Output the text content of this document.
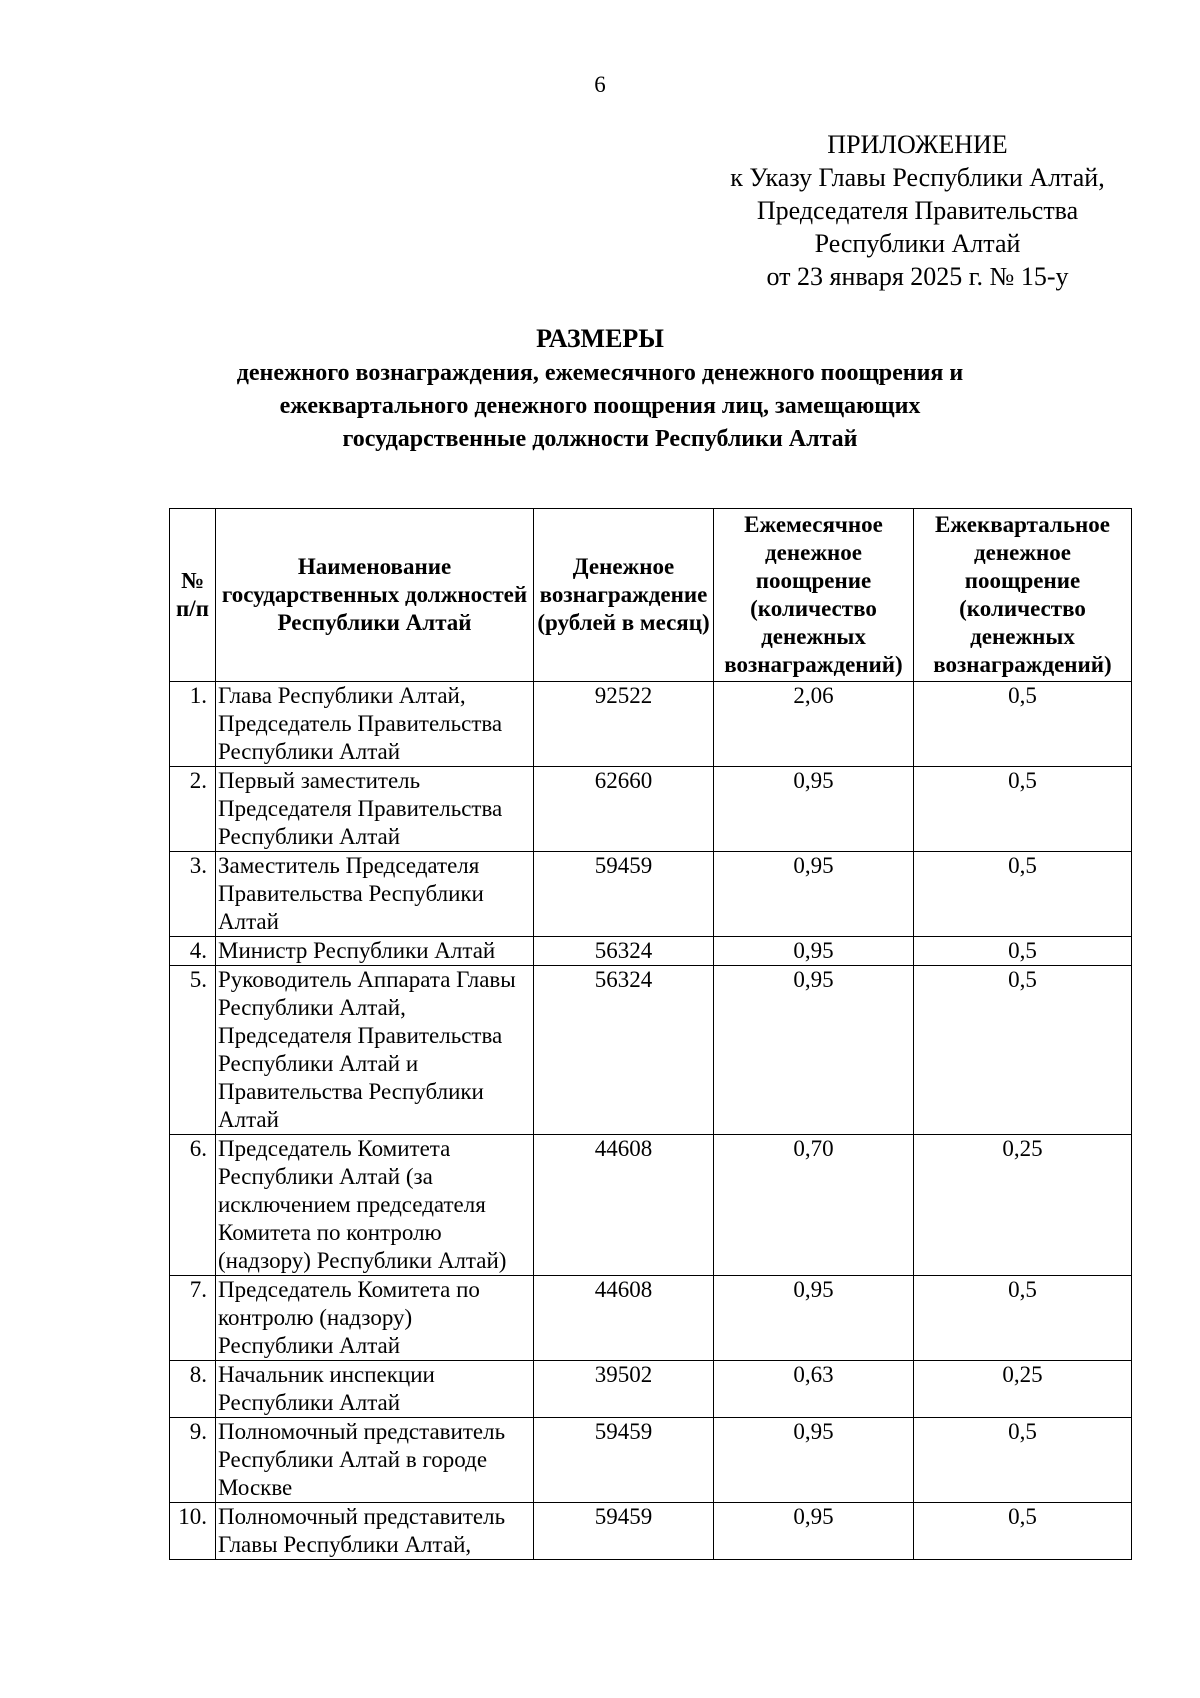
6
ПРИЛОЖЕНИЕ
к Указу Главы Республики Алтай,
Председателя Правительства
Республики Алтай
от 23 января 2025 г. № 15-у
РАЗМЕРЫ
денежного вознаграждения, ежемесячного денежного поощрения и
ежеквартального денежного поощрения лиц, замещающих
государственные должности Республики Алтай
№ п/п	Наименование государственных должностей Республики Алтай	Денежное вознаграждение (рублей в месяц)	Ежемесячное денежное поощрение (количество денежных вознаграждений)	Ежеквартальное денежное поощрение (количество денежных вознаграждений)
1.	Глава Республики Алтай, Председатель Правительства Республики Алтай	92522	2,06	0,5
2.	Первый заместитель Председателя Правительства Республики Алтай	62660	0,95	0,5
3.	Заместитель Председателя Правительства Республики Алтай	59459	0,95	0,5
4.	Министр Республики Алтай	56324	0,95	0,5
5.	Руководитель Аппарата Главы Республики Алтай, Председателя Правительства Республики Алтай и Правительства Республики Алтай	56324	0,95	0,5
6.	Председатель Комитета Республики Алтай (за исключением председателя Комитета по контролю (надзору) Республики Алтай)	44608	0,70	0,25
7.	Председатель Комитета по контролю (надзору) Республики Алтай	44608	0,95	0,5
8.	Начальник инспекции Республики Алтай	39502	0,63	0,25
9.	Полномочный представитель Республики Алтай в городе Москве	59459	0,95	0,5
10.	Полномочный представитель Главы Республики Алтай,	59459	0,95	0,5
